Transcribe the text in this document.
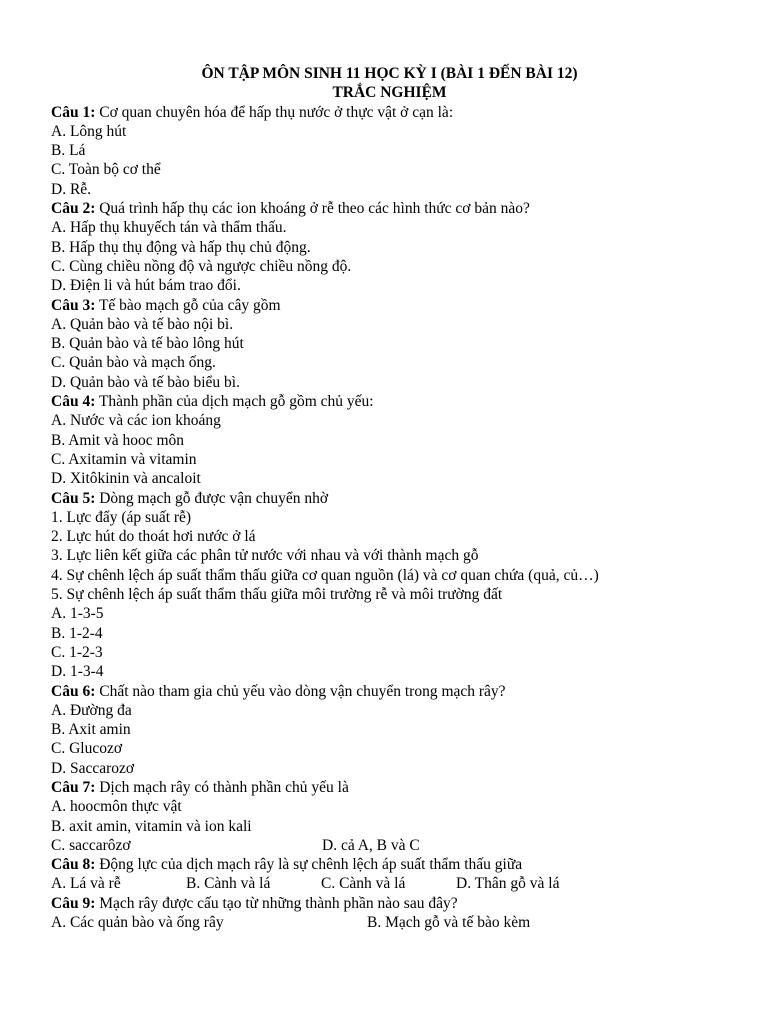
ÔN TẬP MÔN SINH 11 HỌC KỲ I (BÀI 1 ĐẾN BÀI 12)

TRẮC NGHIỆM

Câu 1: Cơ quan chuyên hóa để hấp thụ nước ở thực vật ở cạn là:

A. Lông hút

B. Lá

C. Toàn bộ cơ thể

D. Rễ.

Câu 2: Quá trình hấp thụ các ion khoáng ở rễ theo các hình thức cơ bản nào?

A. Hấp thụ khuyếch tán và thẩm thấu.

B. Hấp thụ thụ động và hấp thụ chủ động.

C. Cùng chiều nồng độ và ngược chiều nồng độ.

D. Điện li và hút bám trao đổi.

Câu 3: Tế bào mạch gỗ của cây gồm

A. Quản bào và tế bào nội bì.

B. Quản bào và tế bào lông hút

C. Quản bào và mạch ống.

D. Quản bào và tế bào biểu bì.

Câu 4: Thành phần của dịch mạch gỗ gồm chủ yếu:

A. Nước và các ion khoáng

B. Amit và hooc môn

C. Axitamin và vitamin

D. Xitôkinin và ancaloit

Câu 5: Dòng mạch gỗ được vận chuyển nhờ

1. Lực đẩy (áp suất rễ)

2. Lực hút do thoát hơi nước ở lá

3. Lực liên kết giữa các phân tử nước với nhau và với thành mạch gỗ

4. Sự chênh lệch áp suất thẩm thấu giữa cơ quan nguồn (lá) và cơ quan chứa (quả, củ…)

5. Sự chênh lệch áp suất thẩm thấu giữa môi trường rễ và môi trường đất

A. 1-3-5

B. 1-2-4

C. 1-2-3

D. 1-3-4

Câu 6: Chất nào tham gia chủ yếu vào dòng vận chuyển trong mạch rây?

A. Đường đa

B. Axit amin

C. Glucozơ

D. Saccarozơ

Câu 7: Dịch mạch rây có thành phần chủ yếu là

A. hoocmôn thực vật

B. axit amin, vitamin và ion kali

C. saccarôzơ	D. cả A, B và C

Câu 8: Động lực của dịch mạch rây là sự chênh lệch áp suất thẩm thấu giữa

A. Lá và rễ	B. Cành và lá	C. Cành và lá	D. Thân gỗ và lá

Câu 9: Mạch rây được cấu tạo từ những thành phần nào sau đây?

A. Các quản bào và ống rây	B. Mạch gỗ và tế bào kèm
